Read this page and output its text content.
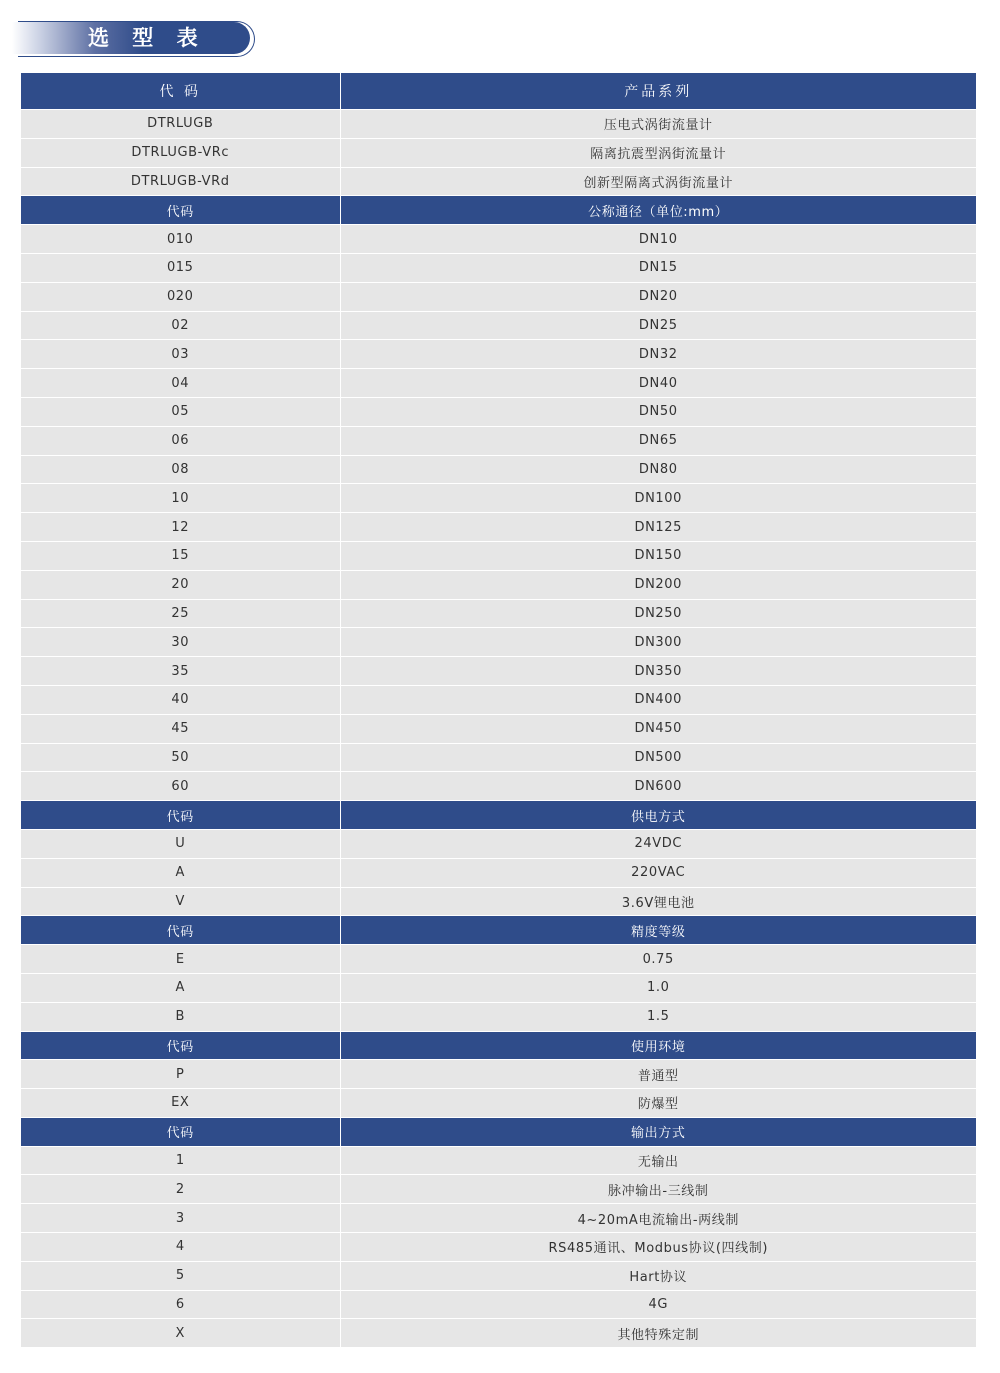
选 型 表
代 码	产品系列
DTRLUGB	压电式涡街流量计
DTRLUGB-VRc	隔离抗震型涡街流量计
DTRLUGB-VRd	创新型隔离式涡街流量计
代码	公称通径（单位:mm）
010	DN10
015	DN15
020	DN20
02	DN25
03	DN32
04	DN40
05	DN50
06	DN65
08	DN80
10	DN100
12	DN125
15	DN150
20	DN200
25	DN250
30	DN300
35	DN350
40	DN400
45	DN450
50	DN500
60	DN600
代码	供电方式
U	24VDC
A	220VAC
V	3.6V锂电池
代码	精度等级
E	0.75
A	1.0
B	1.5
代码	使用环境
P	普通型
EX	防爆型
代码	输出方式
1	无输出
2	脉冲输出-三线制
3	4~20mA电流输出-两线制
4	RS485通讯、Modbus协议(四线制)
5	Hart协议
6	4G
X	其他特殊定制
